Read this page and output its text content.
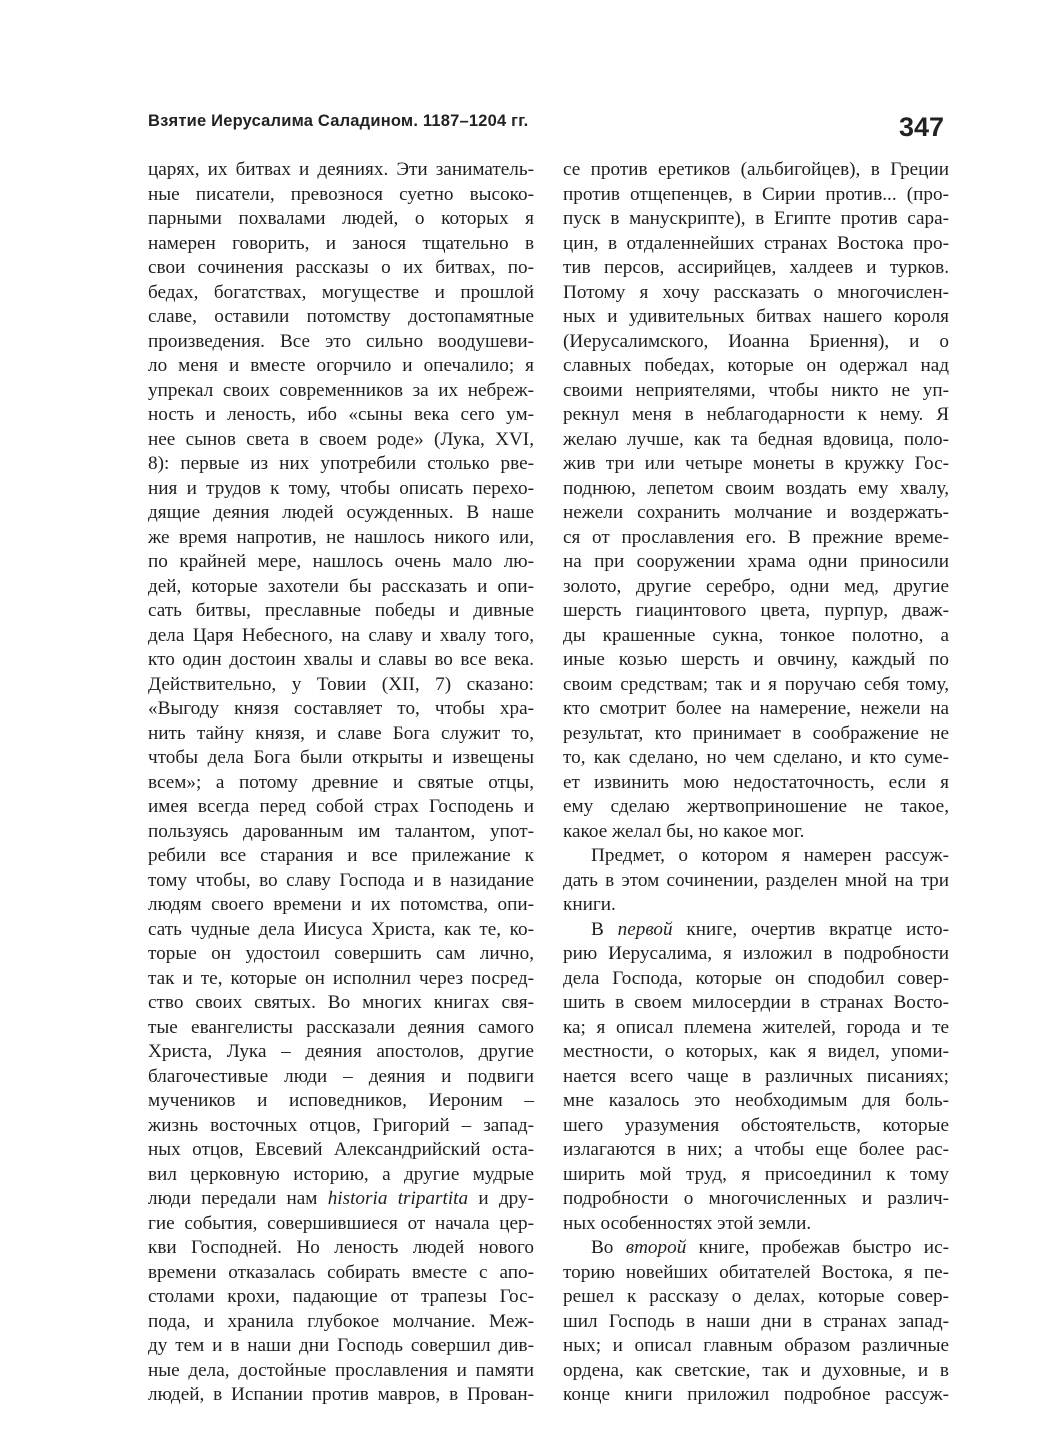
Взятие Иерусалима Саладином. 1187–1204 гг.	347
царях, их битвах и деяниях. Эти заниматель-
ные писатели, превознося суетно высоко-
парными похвалами людей, о которых я
намерен говорить, и занося тщательно в
свои сочинения рассказы о их битвах, по-
бедах, богатствах, могуществе и прошлой
славе, оставили потомству достопамятные
произведения. Все это сильно воодушеви-
ло меня и вместе огорчило и опечалило; я
упрекал своих современников за их небреж-
ность и леность, ибо «сыны века сего ум-
нее сынов света в своем роде» (Лука, XVI,
8): первые из них употребили столько рве-
ния и трудов к тому, чтобы описать перехо-
дящие деяния людей осужденных. В наше
же время напротив, не нашлось никого или,
по крайней мере, нашлось очень мало лю-
дей, которые захотели бы рассказать и опи-
сать битвы, преславные победы и дивные
дела Царя Небесного, на славу и хвалу того,
кто один достоин хвалы и славы во все века.
Действительно, у Товии (XII, 7) сказано:
«Выгоду князя составляет то, чтобы хра-
нить тайну князя, и славе Бога служит то,
чтобы дела Бога были открыты и извещены
всем»; а потому древние и святые отцы,
имея всегда перед собой страх Господень и
пользуясь дарованным им талантом, упот-
ребили все старания и все прилежание к
тому чтобы, во славу Господа и в назидание
людям своего времени и их потомства, опи-
сать чудные дела Иисуса Христа, как те, ко-
торые он удостоил совершить сам лично,
так и те, которые он исполнил через посред-
ство своих святых. Во многих книгах свя-
тые евангелисты рассказали деяния самого
Христа, Лука – деяния апостолов, другие
благочестивые люди – деяния и подвиги
мучеников и исповедников, Иероним –
жизнь восточных отцов, Григорий – запад-
ных отцов, Евсевий Александрийский оста-
вил церковную историю, а другие мудрые
люди передали нам historia tripartita и дру-
гие события, совершившиеся от начала цер-
кви Господней. Но леность людей нового
времени отказалась собирать вместе с апо-
столами крохи, падающие от трапезы Гос-
пода, и хранила глубокое молчание. Меж-
ду тем и в наши дни Господь совершил див-
ные дела, достойные прославления и памяти
людей, в Испании против мавров, в Прован-
се против еретиков (альбигойцев), в Греции
против отщепенцев, в Сирии против... (про-
пуск в манускрипте), в Египте против сара-
цин, в отдаленнейших странах Востока про-
тив персов, ассирийцев, халдеев и турков.
Потому я хочу рассказать о многочислен-
ных и удивительных битвах нашего короля
(Иерусалимского, Иоанна Бриення), и о
славных победах, которые он одержал над
своими неприятелями, чтобы никто не уп-
рекнул меня в неблагодарности к нему. Я
желаю лучше, как та бедная вдовица, поло-
жив три или четыре монеты в кружку Гос-
поднюю, лепетом своим воздать ему хвалу,
нежели сохранить молчание и воздержать-
ся от прославления его. В прежние време-
на при сооружении храма одни приносили
золото, другие серебро, одни мед, другие
шерсть гиацинтового цвета, пурпур, дваж-
ды крашенные сукна, тонкое полотно, а
иные козью шерсть и овчину, каждый по
своим средствам; так и я поручаю себя тому,
кто смотрит более на намерение, нежели на
результат, кто принимает в соображение не
то, как сделано, но чем сделано, и кто суме-
ет извинить мою недостаточность, если я
ему сделаю жертвоприношение не такое,
какое желал бы, но какое мог.
Предмет, о котором я намерен рассуж-
дать в этом сочинении, разделен мной на три
книги.
В первой книге, очертив вкратце исто-
рию Иерусалима, я изложил в подробности
дела Господа, которые он сподобил совер-
шить в своем милосердии в странах Восто-
ка; я описал племена жителей, города и те
местности, о которых, как я видел, упоми-
нается всего чаще в различных писаниях;
мне казалось это необходимым для боль-
шего уразумения обстоятельств, которые
излагаются в них; а чтобы еще более рас-
ширить мой труд, я присоединил к тому
подробности о многочисленных и различ-
ных особенностях этой земли.
Во второй книге, пробежав быстро ис-
торию новейших обитателей Востока, я пе-
решел к рассказу о делах, которые совер-
шил Господь в наши дни в странах запад-
ных; и описал главным образом различные
ордена, как светские, так и духовные, и в
конце книги приложил подробное рассуж-
